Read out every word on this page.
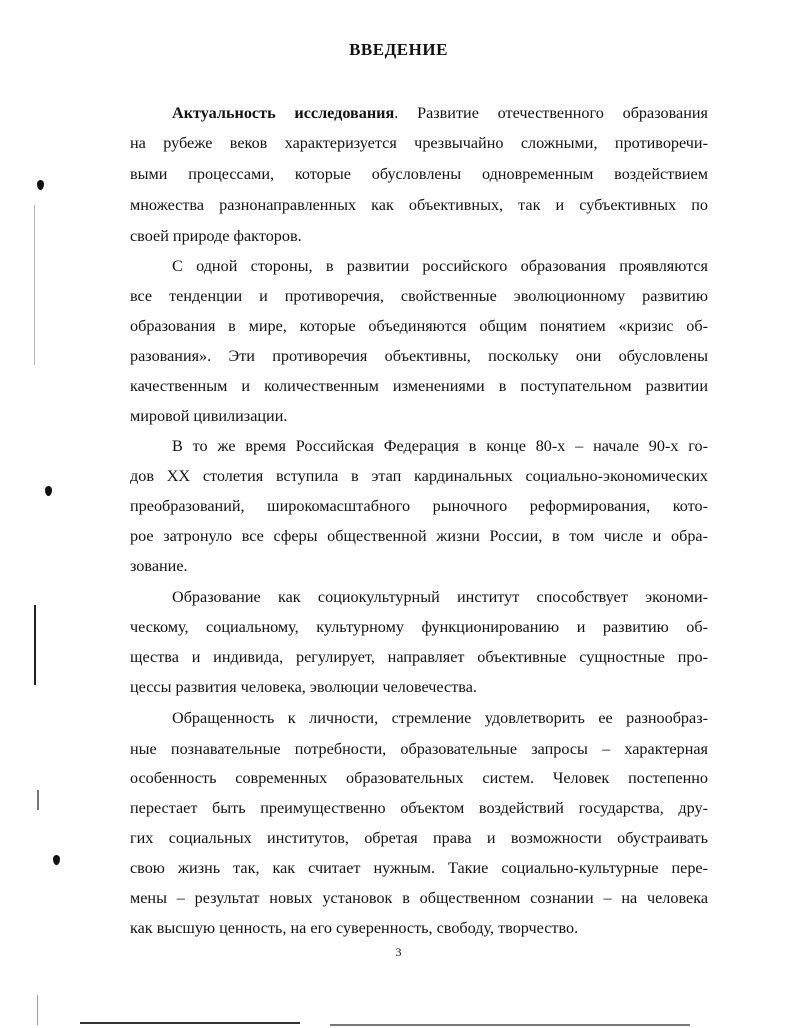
ВВЕДЕНИЕ
Актуальность исследования. Развитие отечественного образования
на рубеже веков характеризуется чрезвычайно сложными, противоречи-
выми процессами, которые обусловлены одновременным воздействием
множества разнонаправленных как объективных, так и субъективных по
своей природе факторов.
С одной стороны, в развитии российского образования проявляются
все тенденции и противоречия, свойственные эволюционному развитию
образования в мире, которые объединяются общим понятием «кризис об-
разования». Эти противоречия объективны, поскольку они обусловлены
качественным и количественным изменениями в поступательном развитии
мировой цивилизации.
В то же время Российская Федерация в конце 80-х – начале 90-х го-
дов XX столетия вступила в этап кардинальных социально-экономических
преобразований, широкомасштабного рыночного реформирования, кото-
рое затронуло все сферы общественной жизни России, в том числе и обра-
зование.
Образование как социокультурный институт способствует экономи-
ческому, социальному, культурному функционированию и развитию об-
щества и индивида, регулирует, направляет объективные сущностные про-
цессы развития человека, эволюции человечества.
Обращенность к личности, стремление удовлетворить ее разнообраз-
ные познавательные потребности, образовательные запросы – характерная
особенность современных образовательных систем. Человек постепенно
перестает быть преимущественно объектом воздействий государства, дру-
гих социальных институтов, обретая права и возможности обустраивать
свою жизнь так, как считает нужным. Такие социально-культурные пере-
мены – результат новых установок в общественном сознании – на человека
как высшую ценность, на его суверенность, свободу, творчество.
3
